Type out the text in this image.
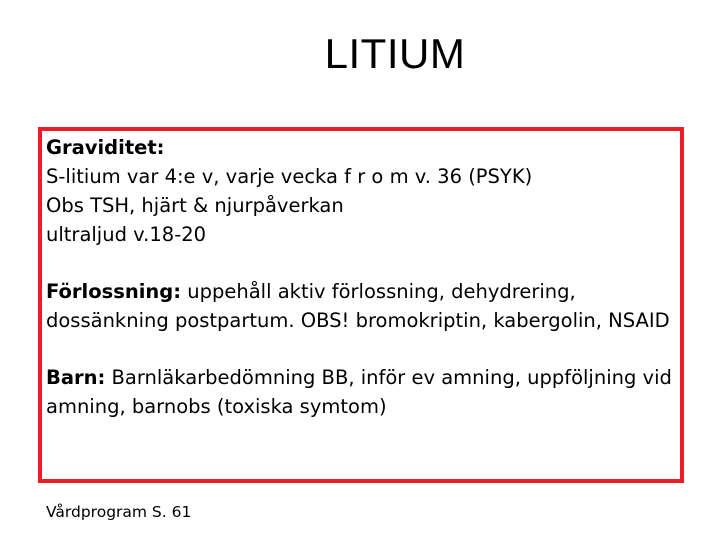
LITIUM

Graviditet:
S-litium var 4:e v, varje vecka f r o m v. 36 (PSYK)
Obs TSH, hjärt & njurpåverkan
ultraljud v.18-20

Förlossning: uppehåll aktiv förlossning, dehydrering, dossänkning postpartum. OBS! bromokriptin, kabergolin, NSAID

Barn: Barnläkarbedömning BB, inför ev amning, uppföljning vid amning, barnobs (toxiska symtom)

Vårdprogram S. 61
